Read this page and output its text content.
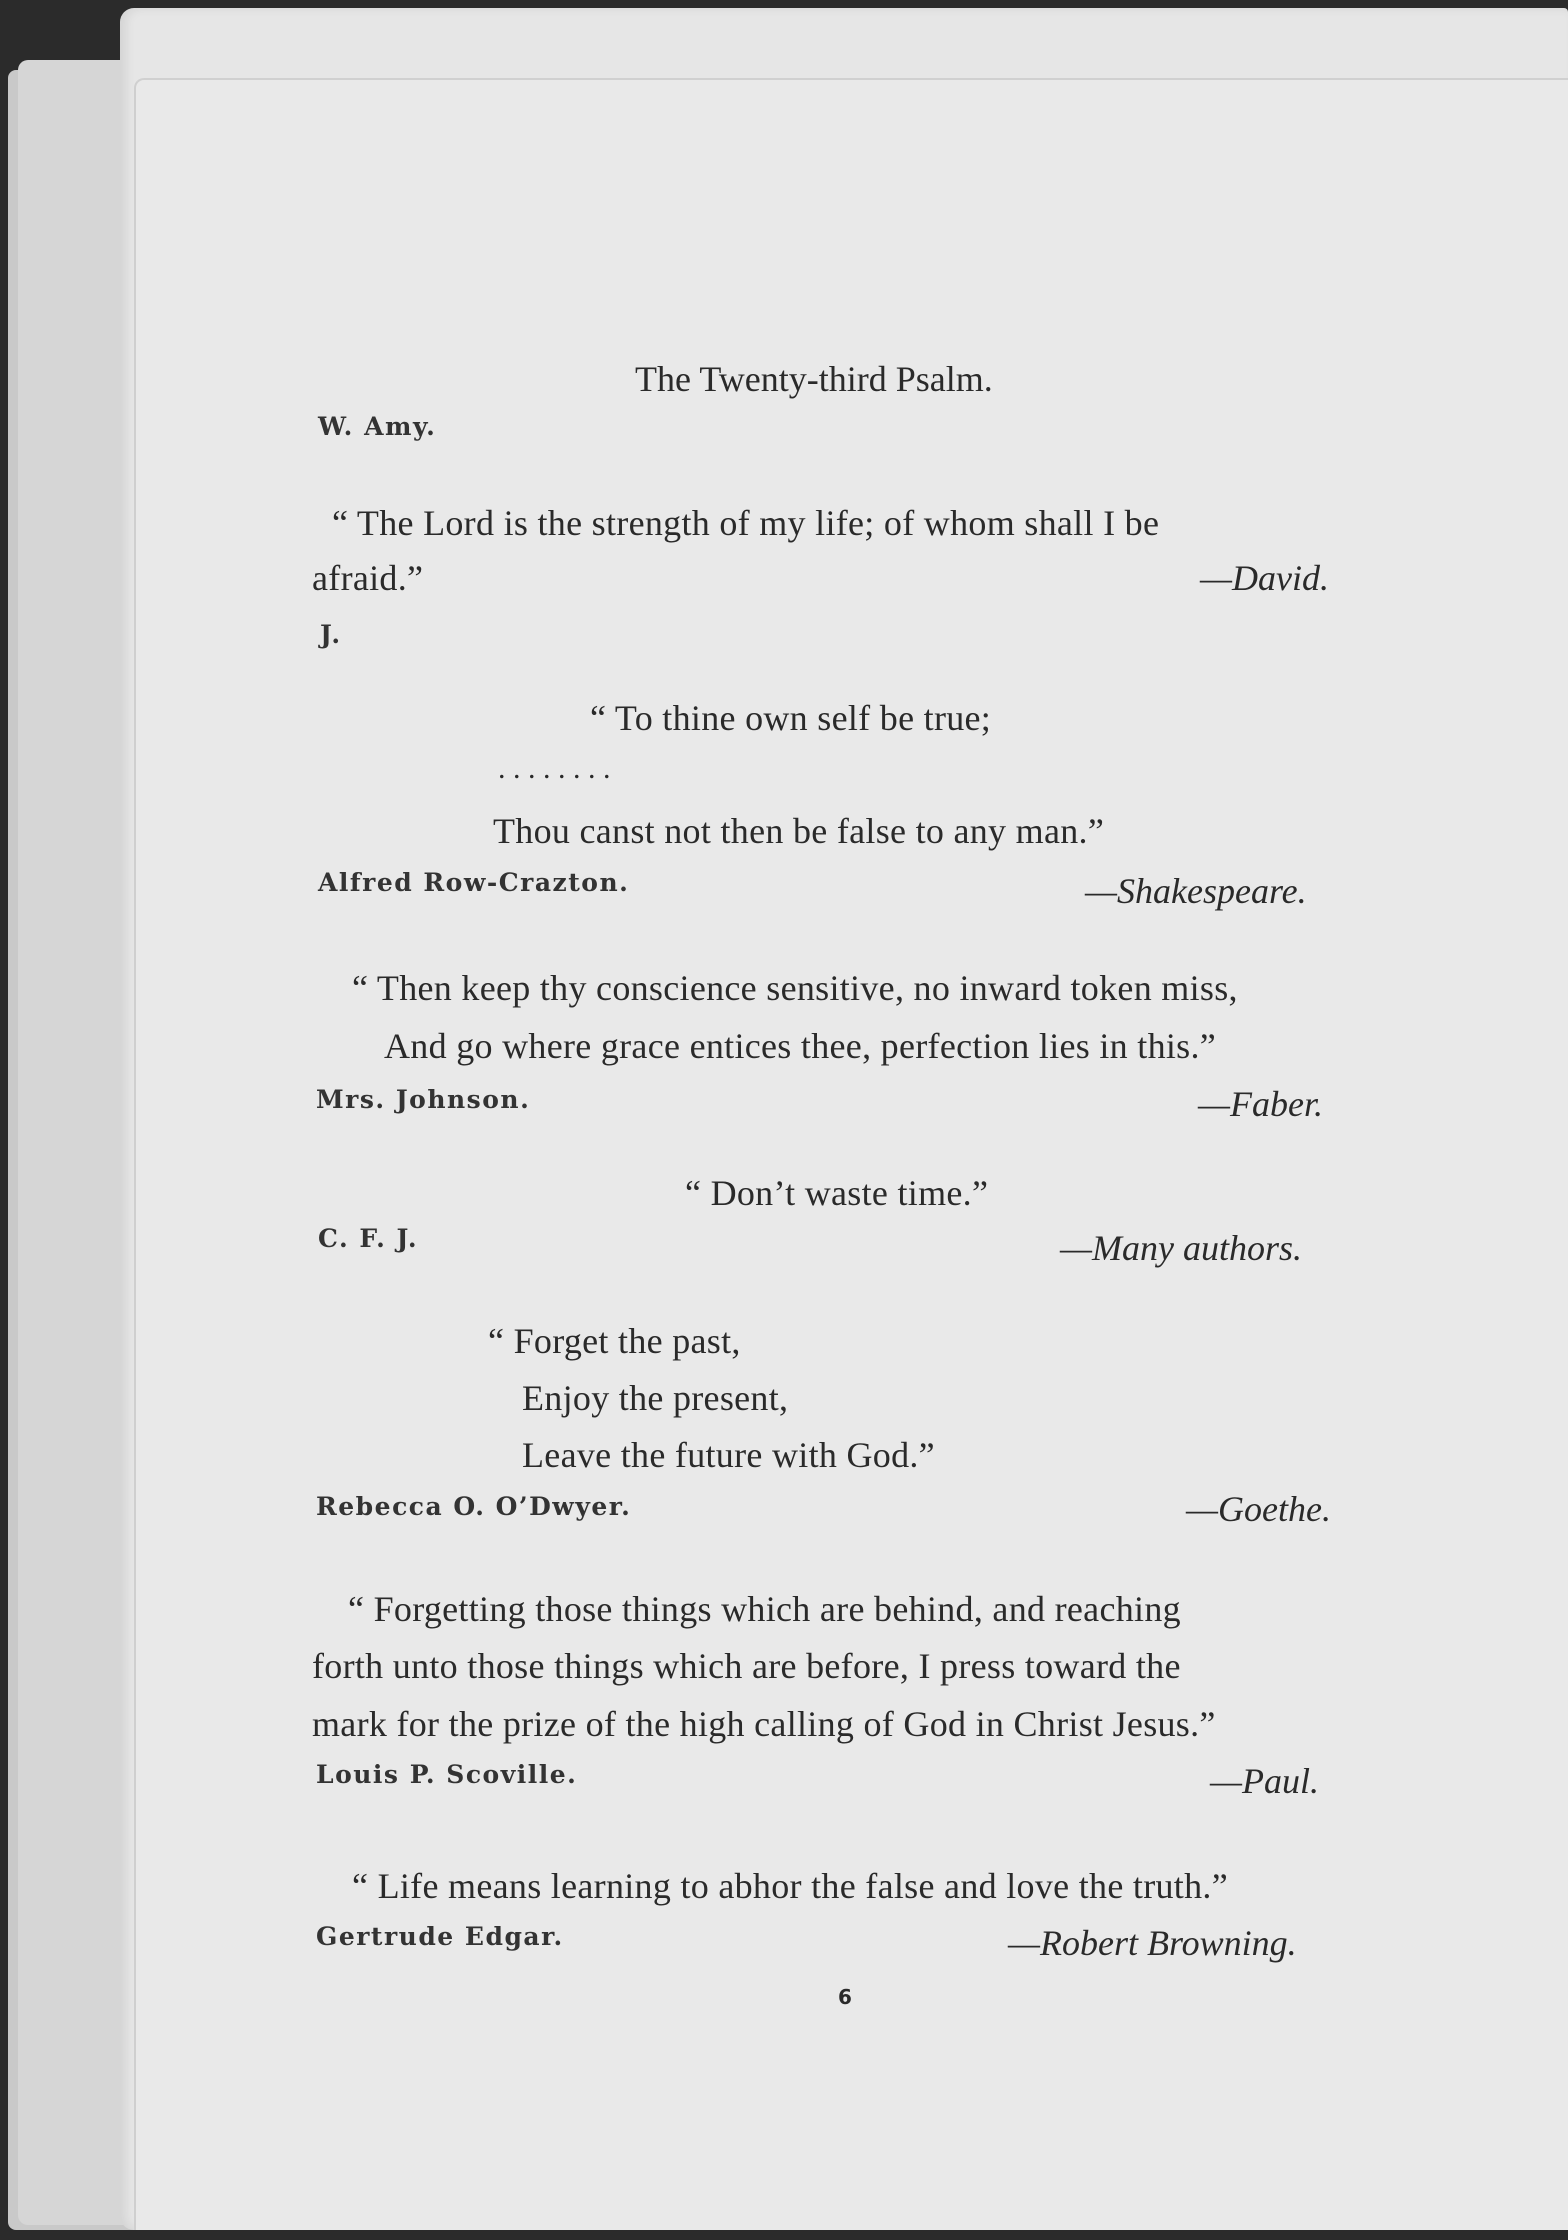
The Twenty-third Psalm.
W. Amy.
“ The Lord is the strength of my life; of whom shall I be
afraid.”	—David.
J.
“ To thine own self be true;
. . . . . . . .
Thou canst not then be false to any man.”
Alfred Row-Crazton.	—Shakespeare.
“ Then keep thy conscience sensitive, no inward token miss,
And go where grace entices thee, perfection lies in this.”
Mrs. Johnson.	—Faber.
“ Don’t waste time.”
C. F. J.	—Many authors.
“ Forget the past,
Enjoy the present,
Leave the future with God.”
Rebecca O. O’Dwyer.	—Goethe.
“ Forgetting those things which are behind, and reaching
forth unto those things which are before, I press toward the
mark for the prize of the high calling of God in Christ Jesus.”
Louis P. Scoville.	—Paul.
“ Life means learning to abhor the false and love the truth.”
Gertrude Edgar.	—Robert Browning.
6
